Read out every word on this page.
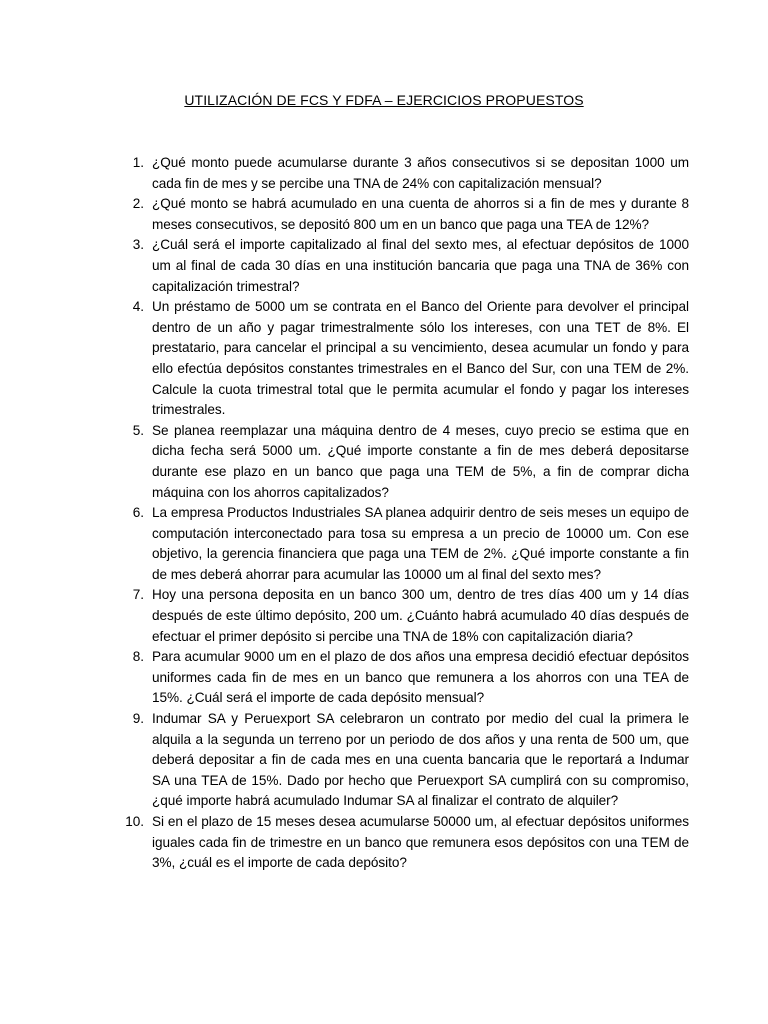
UTILIZACIÓN DE FCS Y FDFA – EJERCICIOS PROPUESTOS
1. ¿Qué monto puede acumularse durante 3 años consecutivos si se depositan 1000 um cada fin de mes y se percibe una TNA de 24% con capitalización mensual?
2. ¿Qué monto se habrá acumulado en una cuenta de ahorros si a fin de mes y durante 8 meses consecutivos, se depositó 800 um en un banco que paga una TEA de 12%?
3. ¿Cuál será el importe capitalizado al final del sexto mes, al efectuar depósitos de 1000 um al final de cada 30 días en una institución bancaria que paga una TNA de 36% con capitalización trimestral?
4. Un préstamo de 5000 um se contrata en el Banco del Oriente para devolver el principal dentro de un año y pagar trimestralmente sólo los intereses, con una TET de 8%. El prestatario, para cancelar el principal a su vencimiento, desea acumular un fondo y para ello efectúa depósitos constantes trimestrales en el Banco del Sur, con una TEM de 2%. Calcule la cuota trimestral total que le permita acumular el fondo y pagar los intereses trimestrales.
5. Se planea reemplazar una máquina dentro de 4 meses, cuyo precio se estima que en dicha fecha será 5000 um. ¿Qué importe constante a fin de mes deberá depositarse durante ese plazo en un banco que paga una TEM de 5%, a fin de comprar dicha máquina con los ahorros capitalizados?
6. La empresa Productos Industriales SA planea adquirir dentro de seis meses un equipo de computación interconectado para tosa su empresa a un precio de 10000 um. Con ese objetivo, la gerencia financiera que paga una TEM de 2%. ¿Qué importe constante a fin de mes deberá ahorrar para acumular las 10000 um al final del sexto mes?
7. Hoy una persona deposita en un banco 300 um, dentro de tres días 400 um y 14 días después de este último depósito, 200 um. ¿Cuánto habrá acumulado 40 días después de efectuar el primer depósito si percibe una TNA de 18% con capitalización diaria?
8. Para acumular 9000 um en el plazo de dos años una empresa decidió efectuar depósitos uniformes cada fin de mes en un banco que remunera a los ahorros con una TEA de 15%. ¿Cuál será el importe de cada depósito mensual?
9. Indumar SA y Peruexport SA celebraron un contrato por medio del cual la primera le alquila a la segunda un terreno por un periodo de dos años y una renta de 500 um, que deberá depositar a fin de cada mes en una cuenta bancaria que le reportará a Indumar SA una TEA de 15%. Dado por hecho que Peruexport SA cumplirá con su compromiso, ¿qué importe habrá acumulado Indumar SA al finalizar el contrato de alquiler?
10. Si en el plazo de 15 meses desea acumularse 50000 um, al efectuar depósitos uniformes iguales cada fin de trimestre en un banco que remunera esos depósitos con una TEM de 3%, ¿cuál es el importe de cada depósito?
